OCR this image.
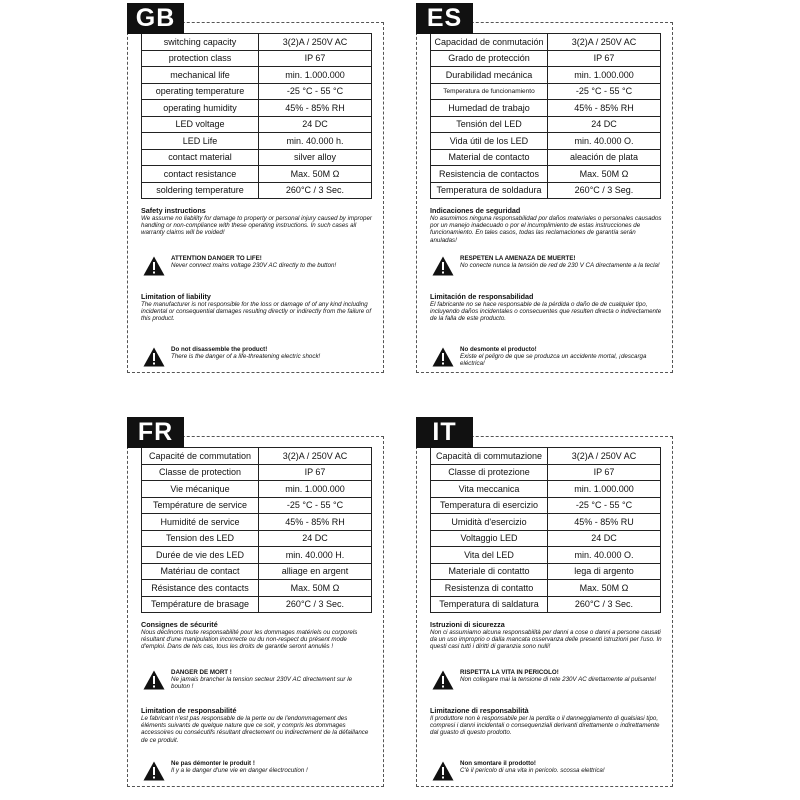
switching capacity	3(2)A / 250V AC
protection class	IP 67
mechanical life	min. 1.000.000
operating temperature	-25 °C - 55 °C
operating humidity	45% - 85% RH
LED voltage	24 DC
LED Life	min. 40.000 h.
contact material	silver alloy
contact resistance	Max. 50M Ω
soldering temperature	260°C / 3 Sec.
Safety instructions
We assume no liability for damage to property or personal injury caused by improper handling or non-compliance with these operating instructions. In such cases all warranty claims will be voided!
ATTENTION DANGER TO LIFE!
Never connect mains voltage 230V AC directly to the button!
Limitation of liability
The manufacturer is not responsible for the loss or damage of of any kind including incidental or consequential damages resulting directly or indirectly from the failure of this product.
Do not disassemble the product!
There is the danger of a life-threatening electric shock!
GB
Capacidad de conmutación	3(2)A / 250V AC
Grado de protección	IP 67
Durabilidad mecánica	min. 1.000.000
Temperatura de funcionamiento	-25 °C - 55 °C
Humedad de trabajo	45% - 85% RH
Tensión del LED	24 DC
Vida útil de los LED	min. 40.000 O.
Material de contacto	aleación de plata
Resistencia de contactos	Max. 50M Ω
Temperatura de soldadura	260°C / 3 Seg.
Indicaciones de seguridad
No asumimos ninguna responsabilidad por daños materiales o personales causados por un manejo inadecuado o por el incumplimiento de estas instrucciones de funcionamiento. En tales casos, todas las reclamaciones de garantía serán anuladas!
RESPETEN LA AMENAZA DE MUERTE!
No conecte nunca la tensión de red de 230 V CA directamente a la tecla!
Limitación de responsabilidad
El fabricante no se hace responsable de la pérdida o daño de de cualquier tipo, incluyendo daños incidentales o consecuentes que resulten directa o indirectamente de la falla de este producto.
No desmonte el producto!
Existe el peligro de que se produzca un accidente mortal, ¡descarga eléctrica!
ES
Capacité de commutation	3(2)A / 250V AC
Classe de protection	IP 67
Vie mécanique	min. 1.000.000
Température de service	-25 °C - 55 °C
Humidité de service	45% - 85% RH
Tension des LED	24 DC
Durée de vie des LED	min. 40.000 H.
Matériau de contact	alliage en argent
Résistance des contacts	Max. 50M Ω
Température de brasage	260°C / 3 Sec.
Consignes de sécurité
Nous déclinons toute responsabilité pour les dommages matériels ou corporels résultant d'une manipulation incorrecte ou du non-respect du présent mode d'emploi. Dans de tels cas, tous les droits de garantie seront annulés !
DANGER DE MORT !
Ne jamais brancher la tension secteur 230V AC directement sur le bouton !
Limitation de responsabilité
Le fabricant n'est pas responsable de la perte ou de l'endommagement des éléments suivants de quelque nature que ce soit, y compris les dommages accessoires ou consécutifs résultant directement ou indirectement de la défaillance de ce produit.
Ne pas démonter le produit !
Il y a le danger d'une vie en danger électrocution !
FR
Capacità di commutazione	3(2)A / 250V AC
Classe di protezione	IP 67
Vita meccanica	min. 1.000.000
Temperatura di esercizio	-25 °C - 55 °C
Umidità d'esercizio	45% - 85% RU
Voltaggio LED	24 DC
Vita del LED	min. 40.000 O.
Materiale di contatto	lega di argento
Resistenza di contatto	Max. 50M Ω
Temperatura di saldatura	260°C / 3 Sec.
Istruzioni di sicurezza
Non ci assumiamo alcuna responsabilità per danni a cose o danni a persone causati da un uso improprio o dalla mancata osservanza delle presenti istruzioni per l'uso. In questi casi tutti i diritti di garanzia sono nulli!
RISPETTA LA VITA IN PERICOLO!
Non collegare mai la tensione di rete 230V AC direttamente al pulsante!
Limitazione di responsabilità
Il produttore non è responsabile per la perdita o il danneggiamento di qualsiasi tipo, compresi i danni incidentali o consequenziali derivanti direttamente o indirettamente dal guasto di questo prodotto.
Non smontare il prodotto!
C'è il pericolo di una vita in pericolo. scossa elettrica!
IT
